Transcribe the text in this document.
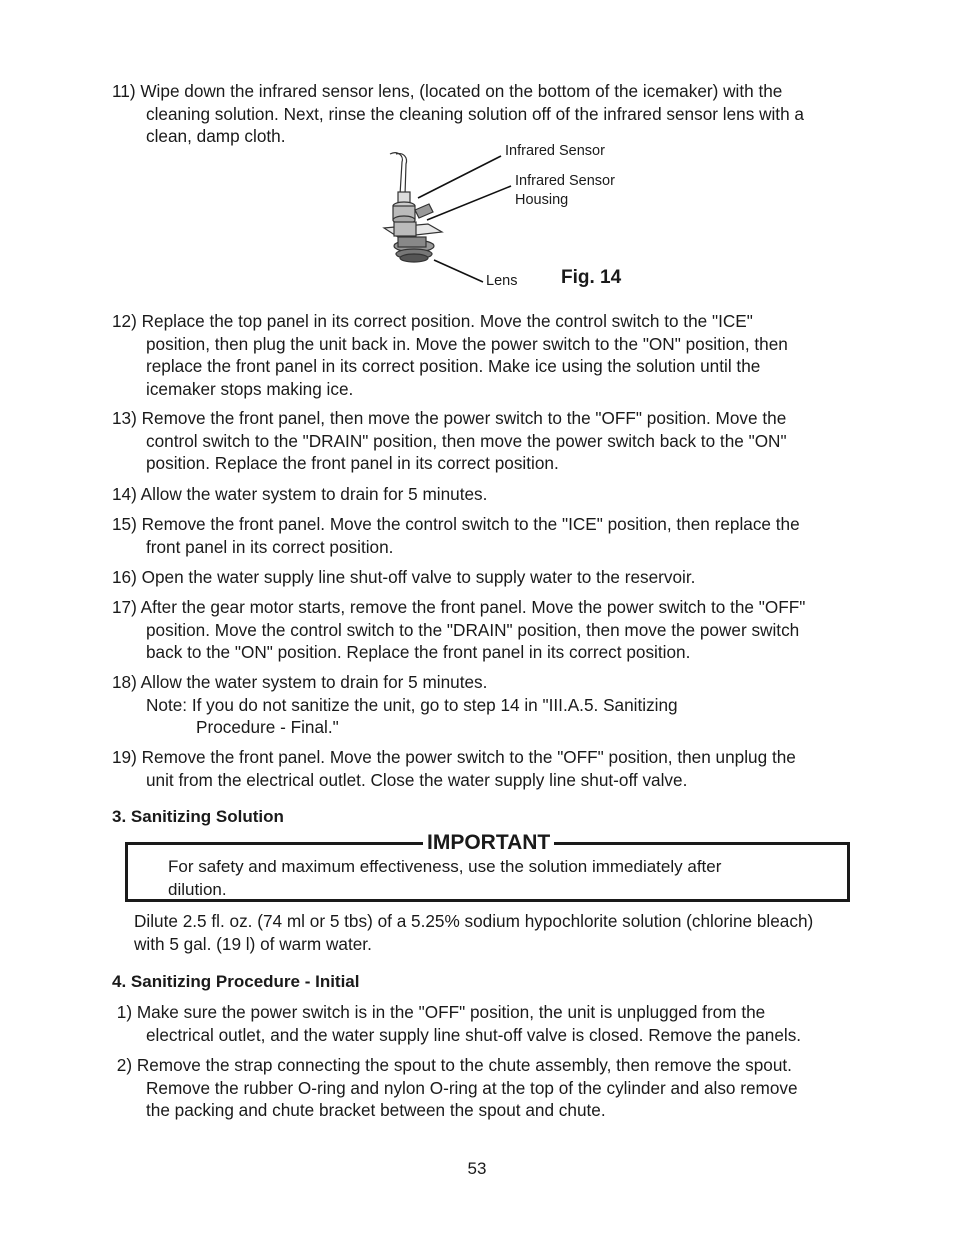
11) Wipe down the infrared sensor lens, (located on the bottom of the icemaker) with the
cleaning solution. Next, rinse the cleaning solution off of the infrared sensor lens with a
clean, damp cloth.
Infrared Sensor
Infrared Sensor
Housing
Lens Fig. 14
12) Replace the top panel in its correct position. Move the control switch to the "ICE"
position, then plug the unit back in. Move the power switch to the "ON" position, then
replace the front panel in its correct position. Make ice using the solution until the
icemaker stops making ice.
13) Remove the front panel, then move the power switch to the "OFF" position. Move the
control switch to the "DRAIN" position, then move the power switch back to the "ON"
position. Replace the front panel in its correct position.
14) Allow the water system to drain for 5 minutes.
15) Remove the front panel. Move the control switch to the "ICE" position, then replace the
front panel in its correct position.
16) Open the water supply line shut-off valve to supply water to the reservoir.
17) After the gear motor starts, remove the front panel. Move the power switch to the "OFF"
position. Move the control switch to the "DRAIN" position, then move the power switch
back to the "ON" position. Replace the front panel in its correct position.
18) Allow the water system to drain for 5 minutes.
Note: If you do not sanitize the unit, go to step 14 in "III.A.5. Sanitizing
Procedure - Final."
19) Remove the front panel. Move the power switch to the "OFF" position, then unplug the
unit from the electrical outlet. Close the water supply line shut-off valve.
3. Sanitizing Solution
IMPORTANT
For safety and maximum effectiveness, use the solution immediately after
dilution.
Dilute 2.5 fl. oz. (74 ml or 5 tbs) of a 5.25% sodium hypochlorite solution (chlorine bleach)
with 5 gal. (19 l) of warm water.
4. Sanitizing Procedure - Initial
1) Make sure the power switch is in the "OFF" position, the unit is unplugged from the
electrical outlet, and the water supply line shut-off valve is closed. Remove the panels.
2) Remove the strap connecting the spout to the chute assembly, then remove the spout.
Remove the rubber O-ring and nylon O-ring at the top of the cylinder and also remove
the packing and chute bracket between the spout and chute.
53
